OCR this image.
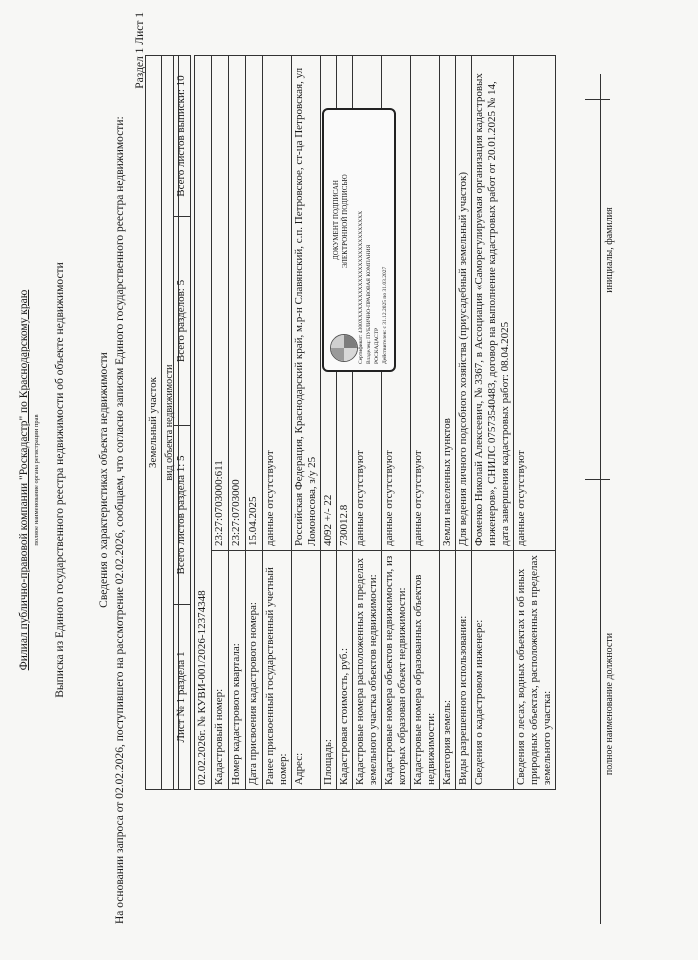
Филиал публично-правовой компании "Роскадастр" по Краснодарскому краю полное наименование органа регистрации прав Выписка из Единого государственного реестра недвижимости об объекте недвижимости	Сведения о характеристиках объекта недвижимости На основании запроса от 02.02.2026, поступившего на рассмотрение 02.02.2026, сообщаем, что согласно записям Единого государственного реестра недвижимости:
Раздел 1 Лист 1
Земельный участок
вид объекта недвижимости
Лист № 1 раздела 1	Всего листов раздела 1: 5	Всего разделов: 5	Всего листов выписки: 10
02.02.2026г. № КУВИ-001/2026-12374348	
Кадастровый номер:	23:27:0703000:611
Номер кадастрового квартала:	23:27:0703000
Дата присвоения кадастрового номера:	15.04.2025
Ранее присвоенный государственный учетный номер:	данные отсутствуют
Адрес:	Российская Федерация, Краснодарский край, м.р-н Славянский, с.п. Петровское, ст-ца Петровская, ул Ломоносова, з/у 25
Площадь:	4092 +/- 22
Кадастровая стоимость, руб.:	730012.8
Кадастровые номера расположенных в пределах земельного участка объектов недвижимости:	данные отсутствуют
Кадастровые номера объектов недвижимости, из которых образован объект недвижимости:	данные отсутствуют
Кадастровые номера образованных объектов недвижимости:	данные отсутствуют
Категория земель:	Земли населенных пунктов
Виды разрешенного использования:	Для ведения личного подсобного хозяйства (приусадебный земельный участок)
Сведения о кадастровом инженере:	Фоменко Николай Алексеевич, № 3367, в Ассоциация «Саморегулируемая организация кадастровых инженеров», СНИЛС 07573540483, договор на выполнение кадастровых работ от 20.01.2025 № 14, дата завершения кадастровых работ: 08.04.2025
Сведения о лесах, водных объектах и об иных природных объектах, расположенных в пределах земельного участка:	данные отсутствуют
ДОКУМЕНТ ПОДПИСАН ЭЛЕКТРОННОЙ ПОДПИСЬЮ Сертификат: 4300ХХХХХХХХХХХХХХХХХХХХХХХХХХХХ Владелец: ПУБЛИЧНО-ПРАВОВАЯ КОМПАНИЯ РОСКАДАСТР Действителен: с 31.12.2025 по 31.03.2027
полное наименование должности
инициалы, фамилия
